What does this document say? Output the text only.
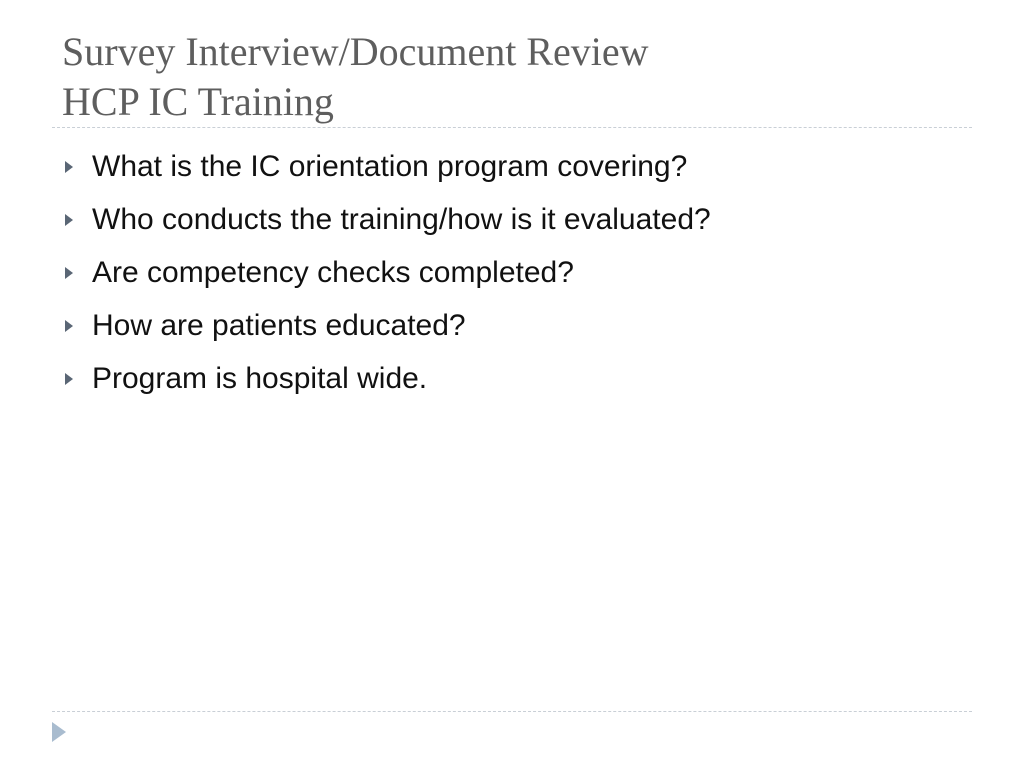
Survey Interview/Document Review
HCP IC Training
What is the IC orientation program covering?
Who conducts the training/how is it evaluated?
Are competency checks completed?
How are patients educated?
Program is hospital wide.
